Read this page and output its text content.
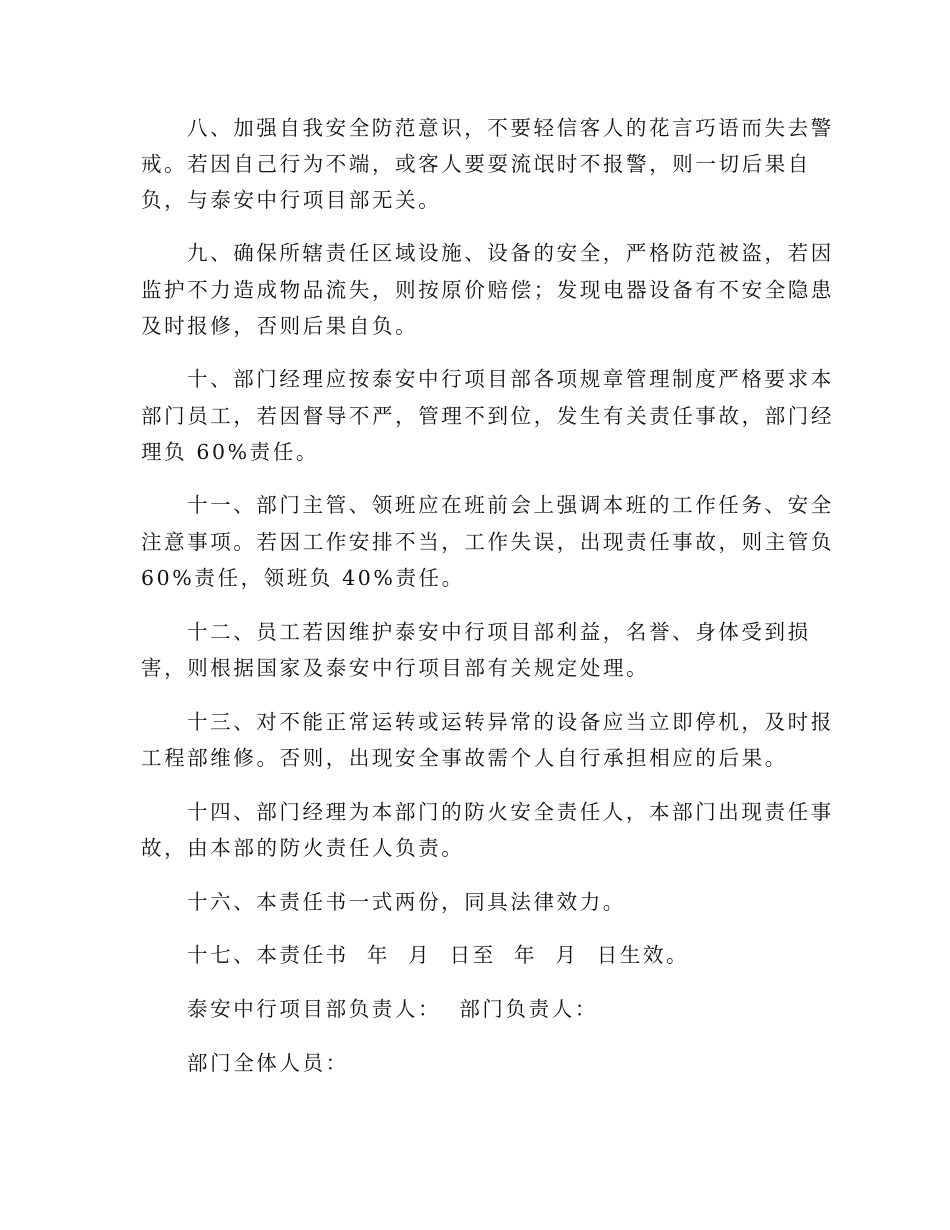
八、加强自我安全防范意识，不要轻信客人的花言巧语而失去警
戒。若因自己行为不端，或客人要耍流氓时不报警，则一切后果自
负，与泰安中行项目部无关。
九、确保所辖责任区域设施、设备的安全，严格防范被盗，若因
监护不力造成物品流失，则按原价赔偿；发现电器设备有不安全隐患
及时报修，否则后果自负。
十、部门经理应按泰安中行项目部各项规章管理制度严格要求本
部门员工，若因督导不严，管理不到位，发生有关责任事故，部门经
理负 60%责任。
十一、部门主管、领班应在班前会上强调本班的工作任务、安全
注意事项。若因工作安排不当，工作失误，出现责任事故，则主管负
60%责任，领班负 40%责任。
十二、员工若因维护泰安中行项目部利益，名誉、身体受到损
害，则根据国家及泰安中行项目部有关规定处理。
十三、对不能正常运转或运转异常的设备应当立即停机，及时报
工程部维修。否则，出现安全事故需个人自行承担相应的后果。
十四、部门经理为本部门的防火安全责任人，本部门出现责任事
故，由本部的防火责任人负责。
十六、本责任书一式两份，同具法律效力。
十七、本责任书  年  月  日至  年  月  日生效。
泰安中行项目部负责人：  部门负责人：
部门全体人员：
